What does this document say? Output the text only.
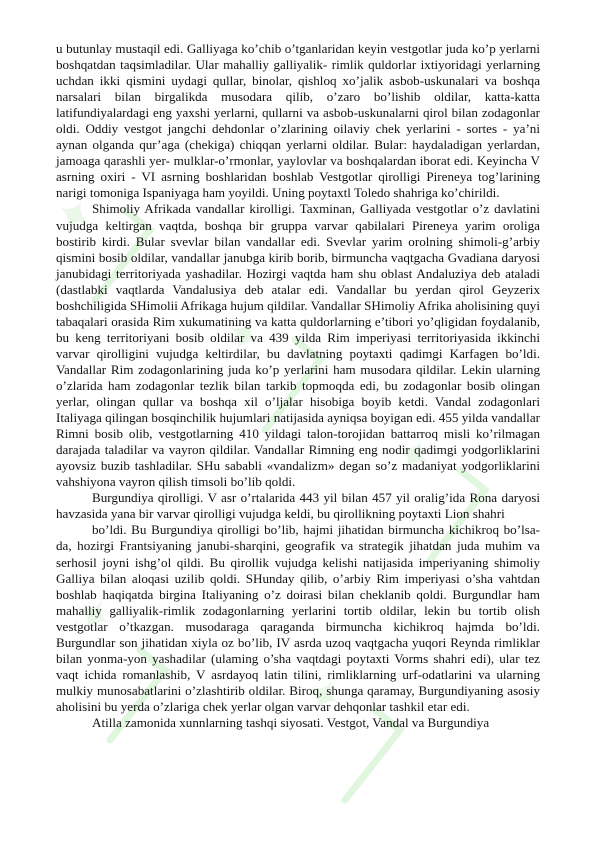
✦
✦
✦
✦
✦

u butunlay mustaqil edi. Galliyaga ko’chib o’tganlaridan keyin vestgotlar juda ko’p yerlarni boshqatdan taqsimladilar. Ular mahalliy galliyalik- rimlik quldorlar ixtiyoridagi yerlarning uchdan ikki qismini uydagi qullar, binolar, qishloq xo’jalik asbob-uskunalari va boshqa narsalari bilan birgalikda musodara qilib, o’zaro bo’lishib oldilar, katta-katta latifundiyalardagi eng yaxshi yerlarni, qullarni va asbob-uskunalarni qirol bilan zodagonlar oldi. Oddiy vestgot jangchi dehdonlar o’zlarining oilaviy chek yerlarini - sortes - ya’ni aynan olganda qur’aga (chekiga) chiqqan yerlarni oldilar. Bular: haydaladigan yerlardan, jamoaga qarashli yer- mulklar-o’rmonlar, yaylovlar va boshqalardan iborat edi. Keyincha V asrning oxiri - VI asrning boshlaridan boshlab Vestgotlar qirolligi Pireneya tog’larining narigi tomoniga Ispaniyaga ham yoyildi. Uning poytaxtl Toledo shahriga ko’chirildi.

Shimoliy Afrikada vandallar kirolligi. Taxminan, Galliyada vestgotlar o’z davlatini vujudga keltirgan vaqtda, boshqa bir gruppa varvar qabilalari Pireneya yarim oroliga bostirib kirdi. Bular svevlar bilan vandallar edi. Svevlar yarim orolning shimoli-g’arbiy qismini bosib oldilar, vandallar janubga kirib borib, birmuncha vaqtgacha Gvadiana daryosi janubidagi territoriyada yashadilar. Hozirgi vaqtda ham shu oblast Andaluziya deb ataladi (dastlabki vaqtlarda Vandalusiya deb atalar edi. Vandallar bu yerdan qirol Geyzerix boshchiligida SHimolii Afrikaga hujum qildilar. Vandallar SHimoliy Afrika aholisining quyi tabaqalari orasida Rim xukumatining va katta quldorlarning e’tibori yo’qligidan foydalanib, bu keng territoriyani bosib oldilar va 439 yilda Rim imperiyasi territoriyasida ikkinchi varvar qirolligini vujudga keltirdilar, bu davlatning poytaxti qadimgi Karfagen bo’ldi. Vandallar Rim zodagonlarining juda ko’p yerlarini ham musodara qildilar. Lekin ularning o’zlarida ham zodagonlar tezlik bilan tarkib topmoqda edi, bu zodagonlar bosib olingan yerlar, olingan qullar va boshqa xil o’ljalar hisobiga boyib ketdi. Vandal zodagonlari Italiyaga qilingan bosqinchilik hujumlari natijasida ayniqsa boyigan edi. 455 yilda vandallar Rimni bosib olib, vestgotlarning 410 yildagi talon-torojidan battarroq misli ko’rilmagan darajada taladilar va vayron qildilar. Vandallar Rimning eng nodir qadimgi yodgorliklarini ayovsiz buzib tashladilar. SHu sababli «vandalizm» degan so’z madaniyat yodgorliklarini vahshiyona vayron qilish timsoli bo’lib qoldi.

Burgundiya qirolligi. V asr o’rtalarida 443 yil bilan 457 yil oralig’ida Rona daryosi havzasida yana bir varvar qirolligi vujudga keldi, bu qirollikning poytaxti Lion shahri

bo’ldi. Bu Burgundiya qirolligi bo’lib, hajmi jihatidan birmuncha kichikroq bo’lsa-da, hozirgi Frantsiyaning janubi-sharqini, geografik va strategik jihatdan juda muhim va serhosil joyni ishg’ol qildi. Bu qirollik vujudga kelishi natijasida imperiyaning shimoliy Galliya bilan aloqasi uzilib qoldi. SHunday qilib, o’arbiy Rim imperiyasi o’sha vahtdan boshlab haqiqatda birgina Italiyaning o’z doirasi bilan cheklanib qoldi. Burgundlar ham mahalliy galliyalik-rimlik zodagonlarning yerlarini tortib oldilar, lekin bu tortib olish vestgotlar o’tkazgan. musodaraga qaraganda birmuncha kichikroq hajmda bo’ldi. Burgundlar son jihatidan xiyla oz bo’lib, IV asrda uzoq vaqtgacha yuqori Reynda rimliklar bilan yonma-yon yashadilar (ulaming o’sha vaqtdagi poytaxti Vorms shahri edi), ular tez vaqt ichida romanlashib, V asrdayoq latin tilini, rimliklarning urf-odatlarini va ularning mulkiy munosabatlarini o’zlashtirib oldilar. Biroq, shunga qaramay, Burgundiyaning asosiy aholisini bu yerda o’zlariga chek yerlar olgan varvar dehqonlar tashkil etar edi.

Atilla zamonida xunnlarning tashqi siyosati. Vestgot, Vandal va Burgundiya
